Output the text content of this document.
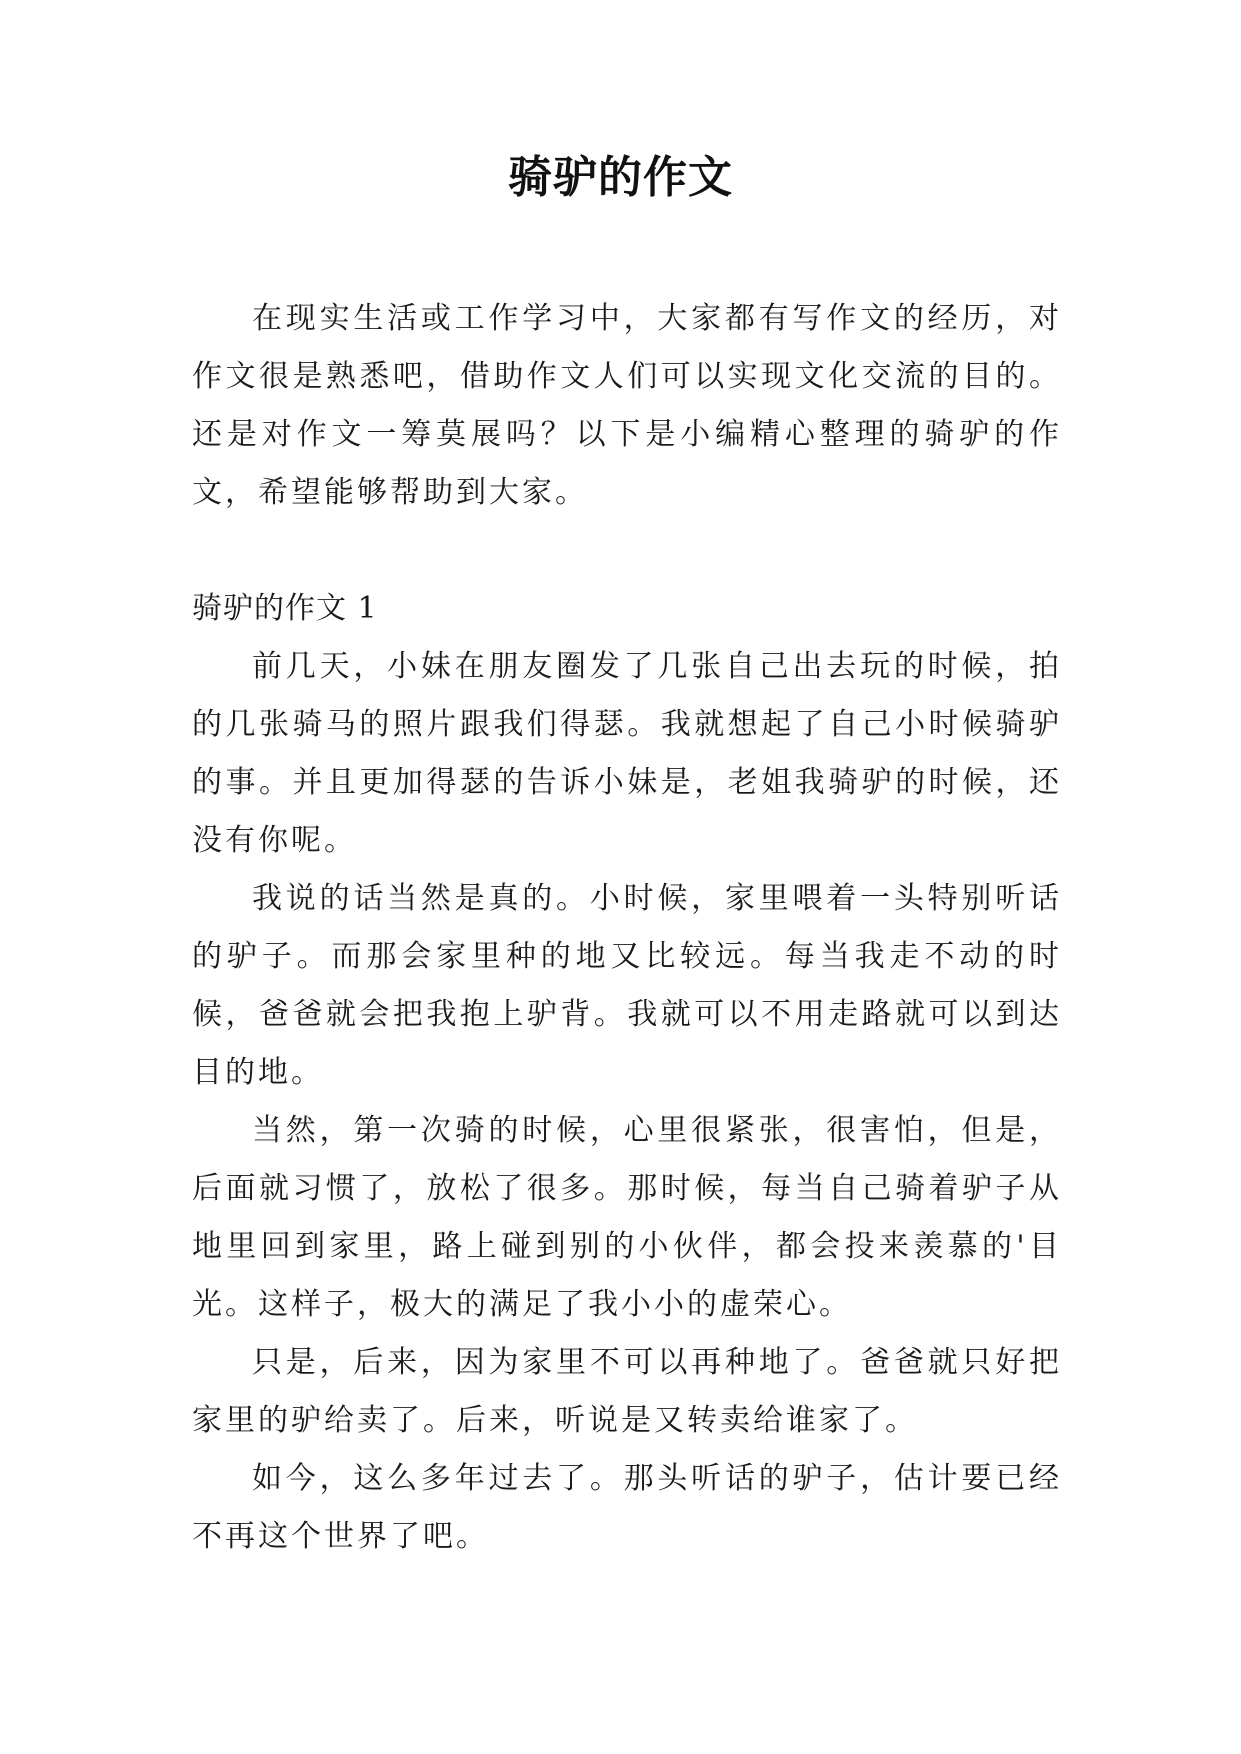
骑驴的作文

在现实生活或工作学习中，大家都有写作文的经历，对作文很是熟悉吧，借助作文人们可以实现文化交流的目的。还是对作文一筹莫展吗？以下是小编精心整理的骑驴的作文，希望能够帮助到大家。

骑驴的作文 1

前几天，小妹在朋友圈发了几张自己出去玩的时候，拍的几张骑马的照片跟我们得瑟。我就想起了自己小时候骑驴的事。并且更加得瑟的告诉小妹是，老姐我骑驴的时候，还没有你呢。

我说的话当然是真的。小时候，家里喂着一头特别听话的驴子。而那会家里种的地又比较远。每当我走不动的时候，爸爸就会把我抱上驴背。我就可以不用走路就可以到达目的地。

当然，第一次骑的时候，心里很紧张，很害怕，但是，后面就习惯了，放松了很多。那时候，每当自己骑着驴子从地里回到家里，路上碰到别的小伙伴，都会投来羡慕的'目光。这样子，极大的满足了我小小的虚荣心。

只是，后来，因为家里不可以再种地了。爸爸就只好把家里的驴给卖了。后来，听说是又转卖给谁家了。

如今，这么多年过去了。那头听话的驴子，估计要已经不再这个世界了吧。
